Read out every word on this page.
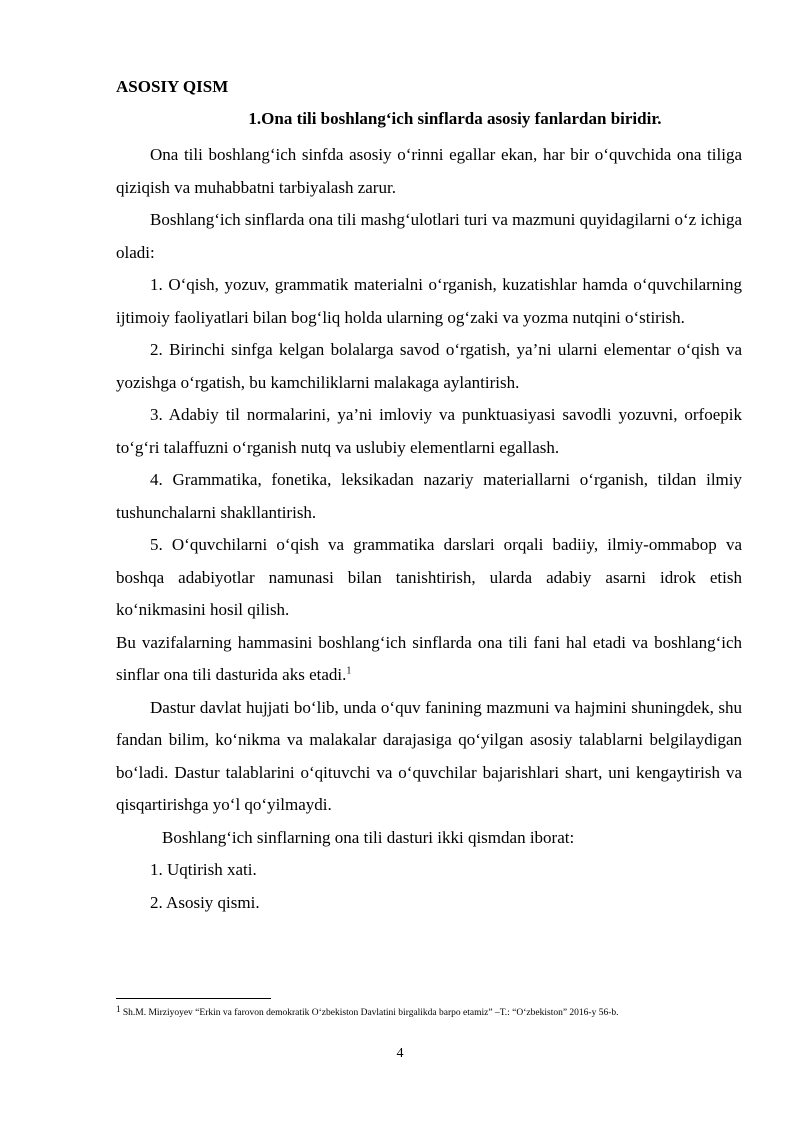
ASOSIY QISM
1.Ona tili boshlang‘ich sinflarda asosiy fanlardan biridir.

Ona tili boshlang‘ich sinfda asosiy o‘rinni egallar ekan, har bir o‘quvchida ona tiliga qiziqish va muhabbatni tarbiyalash zarur.

Boshlang‘ich sinflarda ona tili mashg‘ulotlari turi va mazmuni quyidagilarni o‘z ichiga oladi:

1. O‘qish, yozuv, grammatik materialni o‘rganish, kuzatishlar hamda o‘quvchilarning ijtimoiy faoliyatlari bilan bog‘liq holda ularning og‘zaki va yozma nutqini o‘stirish.

2. Birinchi sinfga kelgan bolalarga savod o‘rgatish, ya’ni ularni elementar o‘qish va yozishga o‘rgatish, bu kamchiliklarni malakaga aylantirish.

3. Adabiy til normalarini, ya’ni imloviy va punktuasiyasi savodli yozuvni, orfoepik to‘g‘ri talaffuzni o‘rganish nutq va uslubiy elementlarni egallash.

4. Grammatika, fonetika, leksikadan nazariy materiallarni o‘rganish, tildan ilmiy tushunchalarni shakllantirish.

5. O‘quvchilarni o‘qish va grammatika darslari orqali badiiy, ilmiy-ommabop va boshqa adabiyotlar namunasi bilan tanishtirish, ularda adabiy asarni idrok etish ko‘nikmasini hosil qilish.

Bu vazifalarning hammasini boshlang‘ich sinflarda ona tili fani hal etadi va boshlang‘ich sinflar ona tili dasturida aks etadi.$^1$

Dastur davlat hujjati bo‘lib, unda o‘quv fanining mazmuni va hajmini shuningdek, shu fandan bilim, ko‘nikma va malakalar darajasiga qo‘yilgan asosiy talablarni belgilaydigan bo‘ladi. Dastur talablarini o‘qituvchi va o‘quvchilar bajarishlari shart, uni kengaytirish va qisqartirishga yo‘l qo‘yilmaydi.

Boshlang‘ich sinflarning ona tili dasturi ikki qismdan iborat:

1. Uqtirish xati.

2. Asosiy qismi.

$^1$ Sh.M. Mirziyoyev “Erkin va farovon demokratik O‘zbekiston Davlatini birgalikda barpo etamiz” –T.: “O‘zbekiston” 2016-y 56-b.
4
